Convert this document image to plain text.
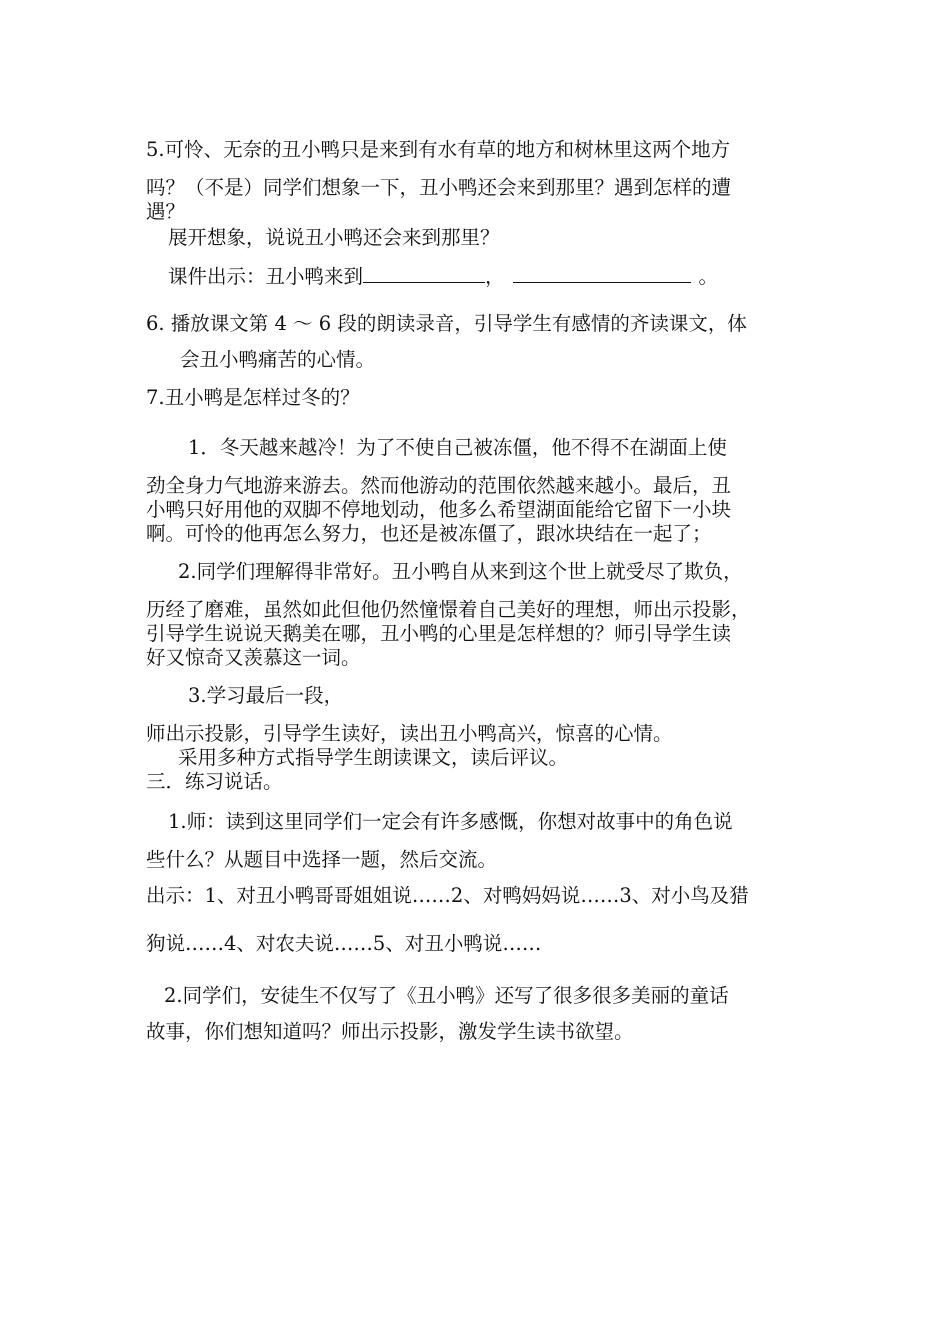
5.可怜、无奈的丑小鸭只是来到有水有草的地方和树林里这两个地方
吗？（不是）同学们想象一下，丑小鸭还会来到那里？遇到怎样的遭
遇？
展开想象，说说丑小鸭还会来到那里？
课件出示：丑小鸭来到	，	。
6. 播放课文第 4 ～ 6 段的朗读录音，引导学生有感情的齐读课文，体
会丑小鸭痛苦的心情。
7.丑小鸭是怎样过冬的？
1．冬天越来越冷！为了不使自己被冻僵，他不得不在湖面上使
劲全身力气地游来游去。然而他游动的范围依然越来越小。最后，丑
小鸭只好用他的双脚不停地划动，他多么希望湖面能给它留下一小块
啊。可怜的他再怎么努力，也还是被冻僵了，跟冰块结在一起了；
2.同学们理解得非常好。丑小鸭自从来到这个世上就受尽了欺负，
历经了磨难，虽然如此但他仍然憧憬着自己美好的理想，师出示投影，
引导学生说说天鹅美在哪，丑小鸭的心里是怎样想的？师引导学生读
好又惊奇又羡慕这一词。
3.学习最后一段，
师出示投影，引导学生读好，读出丑小鸭高兴，惊喜的心情。
采用多种方式指导学生朗读课文，读后评议。
三．练习说话。
1.师：读到这里同学们一定会有许多感慨，你想对故事中的角色说
些什么？从题目中选择一题，然后交流。
出示：1、对丑小鸭哥哥姐姐说……2、对鸭妈妈说……3、对小鸟及猎
狗说……4、对农夫说……5、对丑小鸭说……
2.同学们，安徒生不仅写了《丑小鸭》还写了很多很多美丽的童话
故事，你们想知道吗？师出示投影，激发学生读书欲望。
